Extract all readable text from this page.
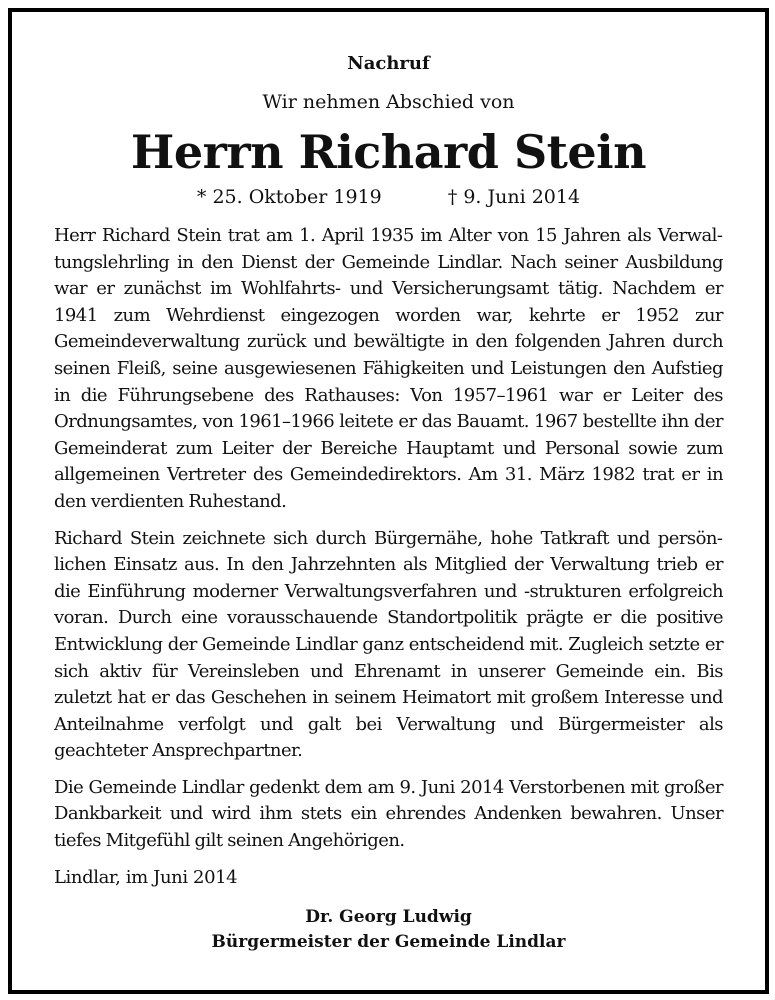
Nachruf
Wir nehmen Abschied von
Herrn Richard Stein
* 25. Oktober 1919	† 9. Juni 2014

Herr Richard Stein trat am 1. April 1935 im Alter von 15 Jahren als Verwaltungslehrling in den Dienst der Gemeinde Lindlar. Nach seiner Ausbildung war er zunächst im Wohlfahrts- und Versicherungsamt tätig. Nachdem er 1941 zum Wehrdienst eingezogen worden war, kehrte er 1952 zur Gemeindeverwaltung zurück und bewältigte in den folgenden Jahren durch seinen Fleiß, seine ausgewiesenen Fähigkeiten und Leistungen den Aufstieg in die Führungsebene des Rathauses: Von 1957–1961 war er Leiter des Ordnungsamtes, von 1961–1966 leitete er das Bauamt. 1967 bestellte ihn der Gemeinderat zum Leiter der Bereiche Hauptamt und Personal sowie zum allgemeinen Vertreter des Gemeindedirektors. Am 31. März 1982 trat er in den verdienten Ruhestand.

Richard Stein zeichnete sich durch Bürgernähe, hohe Tatkraft und persönlichen Einsatz aus. In den Jahrzehnten als Mitglied der Verwaltung trieb er die Einführung moderner Verwaltungsverfahren und -strukturen erfolgreich voran. Durch eine vorausschauende Standortpolitik prägte er die positive Entwicklung der Gemeinde Lindlar ganz entscheidend mit. Zugleich setzte er sich aktiv für Vereinsleben und Ehrenamt in unserer Gemeinde ein. Bis zuletzt hat er das Geschehen in seinem Heimatort mit großem Interesse und Anteilnahme verfolgt und galt bei Verwaltung und Bürgermeister als geachteter Ansprechpartner.

Die Gemeinde Lindlar gedenkt dem am 9. Juni 2014 Verstorbenen mit großer Dankbarkeit und wird ihm stets ein ehrendes Andenken bewahren. Unser tiefes Mitgefühl gilt seinen Angehörigen.

Lindlar, im Juni 2014
Dr. Georg Ludwig
Bürgermeister der Gemeinde Lindlar
